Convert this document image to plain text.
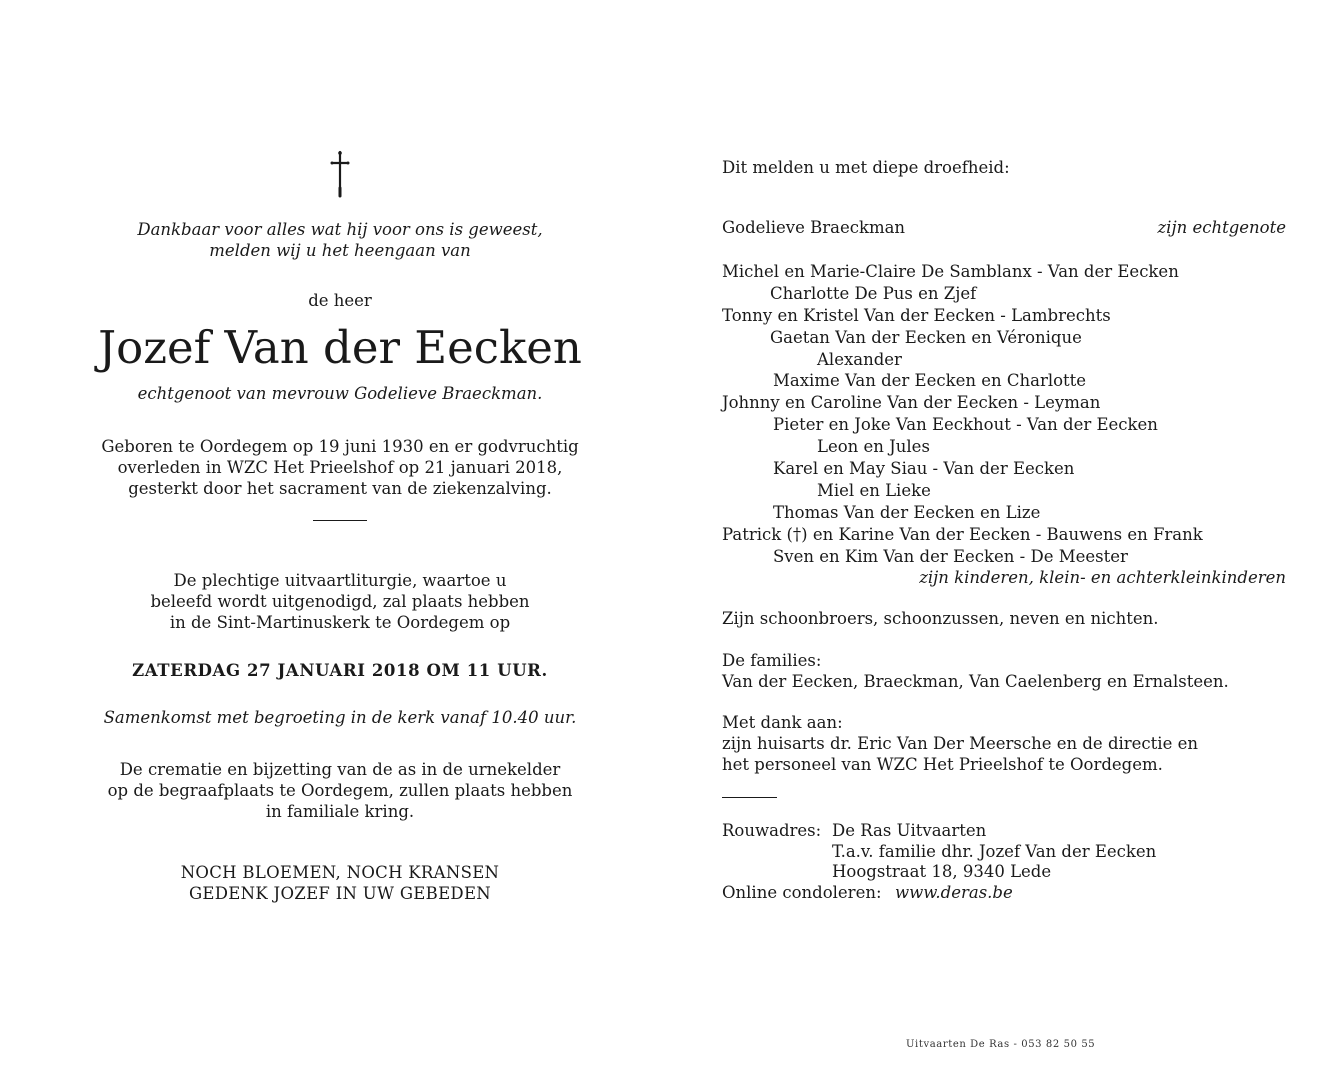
Dankbaar voor alles wat hij voor ons is geweest,
melden wij u het heengaan van
de heer
Jozef Van der Eecken
echtgenoot van mevrouw Godelieve Braeckman.
Geboren te Oordegem op 19 juni 1930 en er godvruchtig
overleden in WZC Het Prieelshof op 21 januari 2018,
gesterkt door het sacrament van de ziekenzalving.
De plechtige uitvaartliturgie, waartoe u
beleefd wordt uitgenodigd, zal plaats hebben
in de Sint-Martinuskerk te Oordegem op
ZATERDAG 27 JANUARI 2018 OM 11 UUR.
Samenkomst met begroeting in de kerk vanaf 10.40 uur.
De crematie en bijzetting van de as in de urnekelder
op de begraafplaats te Oordegem, zullen plaats hebben
in familiale kring.
NOCH BLOEMEN, NOCH KRANSEN
GEDENK JOZEF IN UW GEBEDEN
Dit melden u met diepe droefheid:
Godelieve Braeckman	zijn echtgenote
Michel en Marie-Claire De Samblanx - Van der Eecken
Charlotte De Pus en Zjef
Tonny en Kristel Van der Eecken - Lambrechts
Gaetan Van der Eecken en Véronique
Alexander
Maxime Van der Eecken en Charlotte
Johnny en Caroline Van der Eecken - Leyman
Pieter en Joke Van Eeckhout - Van der Eecken
Leon en Jules
Karel en May Siau - Van der Eecken
Miel en Lieke
Thomas Van der Eecken en Lize
Patrick (†) en Karine Van der Eecken - Bauwens en Frank
Sven en Kim Van der Eecken - De Meester
zijn kinderen, klein- en achterkleinkinderen
Zijn schoonbroers, schoonzussen, neven en nichten.
De families:
Van der Eecken, Braeckman, Van Caelenberg en Ernalsteen.
Met dank aan:
zijn huisarts dr. Eric Van Der Meersche en de directie en
het personeel van WZC Het Prieelshof te Oordegem.
Rouwadres: De Ras Uitvaarten
T.a.v. familie dhr. Jozef Van der Eecken
Hoogstraat 18, 9340 Lede
Online condoleren: www.deras.be
Uitvaarten De Ras - 053 82 50 55
